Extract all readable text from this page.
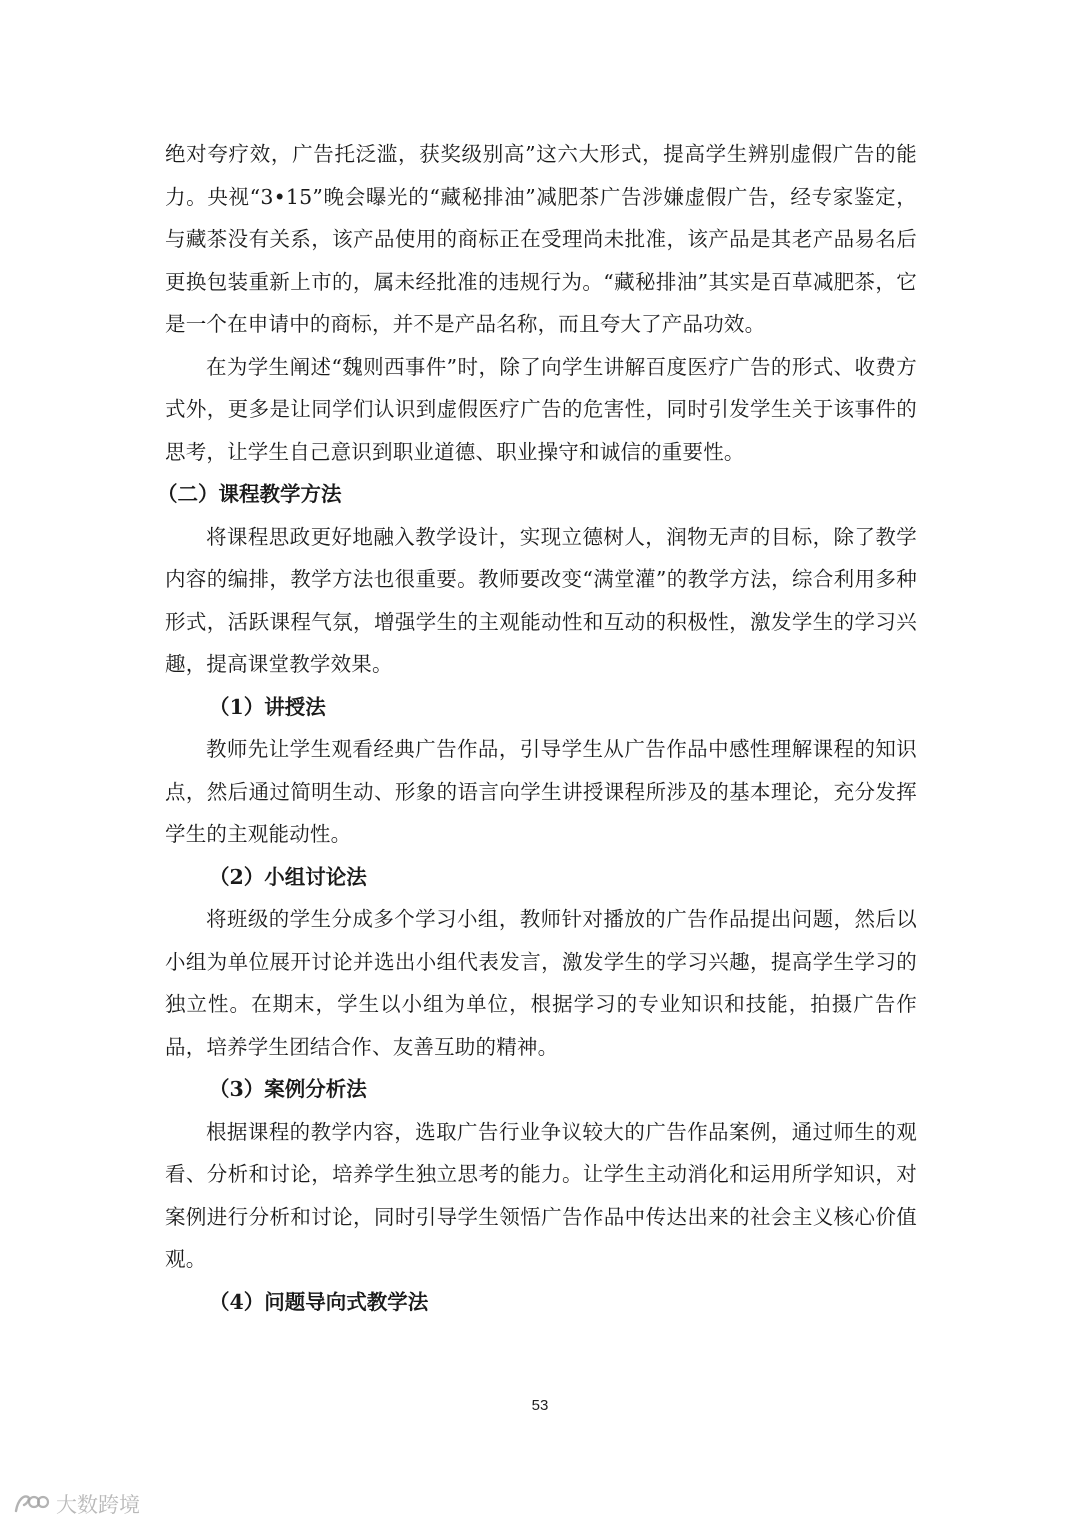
绝对夸疗效，广告托泛滥，获奖级别高”这六大形式，提高学生辨别虚假广告的能力。央视“3•15”晚会曝光的“藏秘排油”减肥茶广告涉嫌虚假广告，经专家鉴定，与藏茶没有关系，该产品使用的商标正在受理尚未批准，该产品是其老产品易名后更换包装重新上市的，属未经批准的违规行为。“藏秘排油”其实是百草减肥茶，它是一个在申请中的商标，并不是产品名称，而且夸大了产品功效。

在为学生阐述“魏则西事件”时，除了向学生讲解百度医疗广告的形式、收费方式外，更多是让同学们认识到虚假医疗广告的危害性，同时引发学生关于该事件的思考，让学生自己意识到职业道德、职业操守和诚信的重要性。

（二）课程教学方法

将课程思政更好地融入教学设计，实现立德树人，润物无声的目标，除了教学内容的编排，教学方法也很重要。教师要改变“满堂灌”的教学方法，综合利用多种形式，活跃课程气氛，增强学生的主观能动性和互动的积极性，激发学生的学习兴趣，提高课堂教学效果。

（1）讲授法

教师先让学生观看经典广告作品，引导学生从广告作品中感性理解课程的知识点，然后通过简明生动、形象的语言向学生讲授课程所涉及的基本理论，充分发挥学生的主观能动性。

（2）小组讨论法

将班级的学生分成多个学习小组，教师针对播放的广告作品提出问题，然后以小组为单位展开讨论并选出小组代表发言，激发学生的学习兴趣，提高学生学习的独立性。在期末，学生以小组为单位，根据学习的专业知识和技能，拍摄广告作品，培养学生团结合作、友善互助的精神。

（3）案例分析法

根据课程的教学内容，选取广告行业争议较大的广告作品案例，通过师生的观看、分析和讨论，培养学生独立思考的能力。让学生主动消化和运用所学知识，对案例进行分析和讨论，同时引导学生领悟广告作品中传达出来的社会主义核心价值观。

（4）问题导向式教学法

53
大数跨境
